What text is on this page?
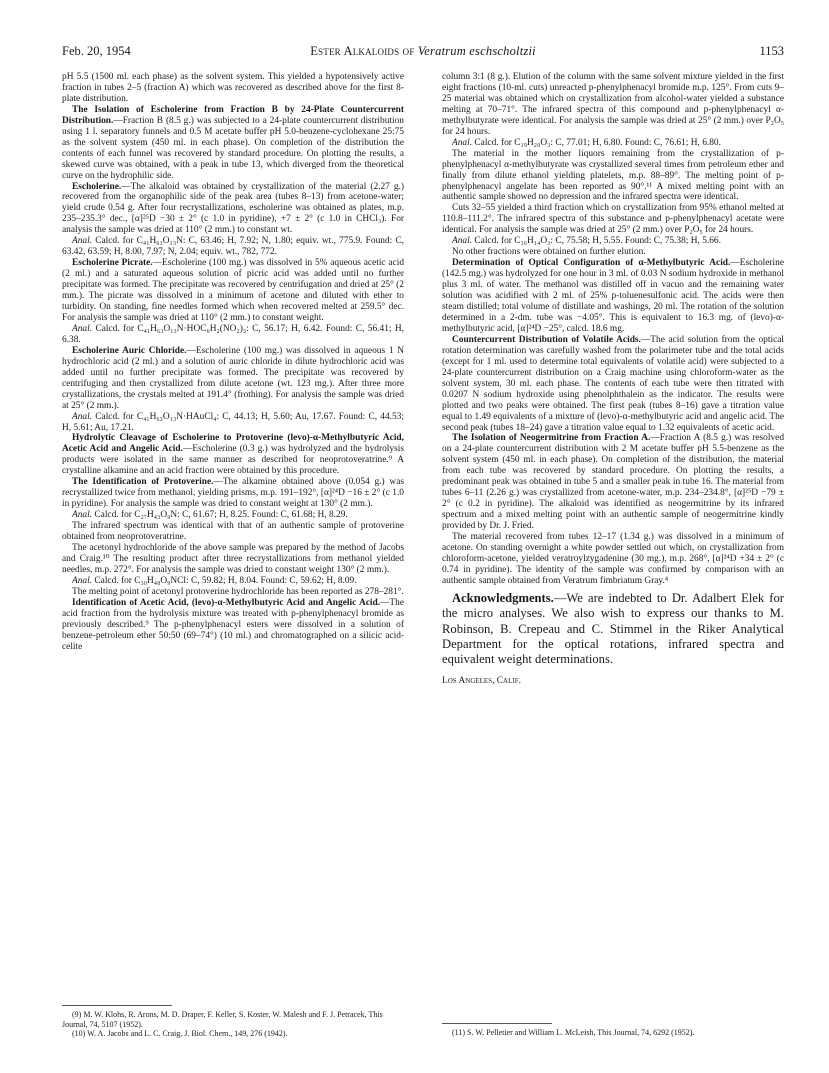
Feb. 20, 1954	Ester Alkaloids of Veratrum eschscholtzii	1153

pH 5.5 (1500 ml. each phase) as the solvent system. This yielded a hypotensively active fraction in tubes 2–5 (fraction A) which was recovered as described above for the first 8-plate distribution.

The Isolation of Escholerine from Fraction B by 24-Plate Countercurrent Distribution.—Fraction B (8.5 g.) was subjected to a 24-plate countercurrent distribution using 1 l. separatory funnels and 0.5 M acetate buffer pH 5.0-benzene-cyclohexane 25:75 as the solvent system (450 ml. in each phase). On completion of the distribution the contents of each funnel was recovered by standard procedure. On plotting the results, a skewed curve was obtained, with a peak in tube 13, which diverged from the theoretical curve on the hydrophilic side.

Escholerine.—The alkaloid was obtained by crystallization of the material (2.27 g.) recovered from the organophilic side of the peak area (tubes 8–13) from acetone-water; yield crude 0.54 g. After four recrystallizations, escholerine was obtained as plates, m.p. 235–235.3° dec., [α]²⁵D −30 ± 2° (c 1.0 in pyridine), +7 ± 2° (c 1.0 in CHCl₃). For analysis the sample was dried at 110° (2 mm.) to constant wt.

Anal. Calcd. for C₄₁H₆₃O₁₃N: C, 63.46; H, 7.92; N, 1.80; equiv. wt., 775.9. Found: C, 63.42, 63.59; H, 8.00, 7.97; N, 2.04; equiv. wt., 782, 772.

Escholerine Picrate.—Escholerine (100 mg.) was dissolved in 5% aqueous acetic acid (2 ml.) and a saturated aqueous solution of picric acid was added until no further precipitate was formed. The precipitate was recovered by centrifugation and dried at 25° (2 mm.). The picrate was dissolved in a minimum of acetone and diluted with ether to turbidity. On standing, fine needles formed which when recovered melted at 259.5° dec. For analysis the sample was dried at 110° (2 mm.) to constant weight.

Anal. Calcd. for C₄₁H₆₃O₁₃N·HOC₆H₂(NO₂)₃: C, 56.17; H, 6.42. Found: C, 56.41; H, 6.38.

Escholerine Auric Chloride.—Escholerine (100 mg.) was dissolved in aqueous 1 N hydrochloric acid (2 ml.) and a solution of auric chloride in dilute hydrochloric acid was added until no further precipitate was formed. The precipitate was recovered by centrifuging and then crystallized from dilute acetone (wt. 123 mg.). After three more crystallizations, the crystals melted at 191.4° (frothing). For analysis the sample was dried at 25° (2 mm.).

Anal. Calcd. for C₄₁H₆₃O₁₃N·HAuCl₄: C, 44.13; H, 5.60; Au, 17.67. Found: C, 44.53; H, 5.61; Au, 17.21.

Hydrolytic Cleavage of Escholerine to Protoverine (levo)-α-Methylbutyric Acid, Acetic Acid and Angelic Acid.—Escholerine (0.3 g.) was hydrolyzed and the hydrolysis products were isolated in the same manner as described for neoprotoveratrine.⁹ A crystalline alkamine and an acid fraction were obtained by this procedure.

The Identification of Protoverine.—The alkamine obtained above (0.054 g.) was recrystallized twice from methanol, yielding prisms, m.p. 191–192°, [α]²⁴D −16 ± 2° (c 1.0 in pyridine). For analysis the sample was dried to constant weight at 130° (2 mm.).

Anal. Calcd. for C₂₇H₄₃O₉N: C, 61.67; H, 8.25. Found: C, 61.68; H, 8.29.

The infrared spectrum was identical with that of an authentic sample of protoverine obtained from neoprotoveratrine.

The acetonyl hydrochloride of the above sample was prepared by the method of Jacobs and Craig.¹⁰ The resulting product after three recrystallizations from methanol yielded needles, m.p. 272°. For analysis the sample was dried to constant weight 130° (2 mm.).

Anal. Calcd. for C₃₀H₄₈O₉NCl: C, 59.82; H, 8.04. Found: C, 59.62; H, 8.09.

The melting point of acetonyl protoverine hydrochloride has been reported as 278–281°.

Identification of Acetic Acid, (levo)-α-Methylbutyric Acid and Angelic Acid.—The acid fraction from the hydrolysis mixture was treated with p-phenylphenacyl bromide as previously described.⁹ The p-phenylphenacyl esters were dissolved in a solution of benzene-petroleum ether 50:50 (69–74°) (10 ml.) and chromatographed on a silicic acid-celite

column 3:1 (8 g.). Elution of the column with the same solvent mixture yielded in the first eight fractions (10-ml. cuts) unreacted p-phenylphenacyl bromide m.p. 125°. From cuts 9–25 material was obtained which on crystallization from alcohol-water yielded a substance melting at 70–71°. The infrared spectra of this compound and p-phenylphenacyl α-methylbutyrate were identical. For analysis the sample was dried at 25° (2 mm.) over P₂O₅ for 24 hours.

Anal. Calcd. for C₁₉H₂₀O₃: C, 77.01; H, 6.80. Found: C, 76.61; H, 6.80.

The material in the mother liquors remaining from the crystallization of p-phenylphenacyl α-methylbutyrate was crystallized several times from petroleum ether and finally from dilute ethanol yielding platelets, m.p. 88–89°. The melting point of p-phenylphenacyl angelate has been reported as 90°.¹¹ A mixed melting point with an authentic sample showed no depression and the infrared spectra were identical.

Cuts 32–55 yielded a third fraction which on crystallization from 95% ethanol melted at 110.8–111.2°. The infrared spectra of this substance and p-phenylphenacyl acetate were identical. For analysis the sample was dried at 25° (2 mm.) over P₂O₅ for 24 hours.

Anal. Calcd. for C₁₆H₁₄O₃: C, 75.58; H, 5.55. Found: C, 75.38; H, 5.66.

No other fractions were obtained on further elution.

Determination of Optical Configuration of α-Methylbutyric Acid.—Escholerine (142.5 mg.) was hydrolyzed for one hour in 3 ml. of 0.03 N sodium hydroxide in methanol plus 3 ml. of water. The methanol was distilled off in vacuo and the remaining water solution was acidified with 2 ml. of 25% p-toluenesulfonic acid. The acids were then steam distilled; total volume of distillate and washings, 20 ml. The rotation of the solution determined in a 2-dm. tube was −4.05°. This is equivalent to 16.3 mg. of (levo)-α-methylbutyric acid, [α]²⁴D −25°, calcd. 18.6 mg.

Countercurrent Distribution of Volatile Acids.—The acid solution from the optical rotation determination was carefully washed from the polarimeter tube and the total acids (except for 1 ml. used to determine total equivalents of volatile acid) were subjected to a 24-plate countercurrent distribution on a Craig machine using chloroform-water as the solvent system, 30 ml. each phase. The contents of each tube were then titrated with 0.0207 N sodium hydroxide using phenolphthalein as the indicator. The results were plotted and two peaks were obtained. The first peak (tubes 8–16) gave a titration value equal to 1.49 equivalents of a mixture of (levo)-α-methylbutyric acid and angelic acid. The second peak (tubes 18–24) gave a titration value equal to 1.32 equivalents of acetic acid.

The Isolation of Neogermitrine from Fraction A.—Fraction A (8.5 g.) was resolved on a 24-plate countercurrent distribution with 2 M acetate buffer pH 5.5-benzene as the solvent system (450 ml. in each phase). On completion of the distribution, the material from each tube was recovered by standard procedure. On plotting the results, a predominant peak was obtained in tube 5 and a smaller peak in tube 16. The material from tubes 6–11 (2.26 g.) was crystallized from acetone-water, m.p. 234–234.8°, [α]²⁵D −79 ± 2° (c 0.2 in pyridine). The alkaloid was identified as neogermitrine by its infrared spectrum and a mixed melting point with an authentic sample of neogermitrine kindly provided by Dr. J. Fried.

The material recovered from tubes 12–17 (1.34 g.) was dissolved in a minimum of acetone. On standing overnight a white powder settled out which, on crystallization from chloroform-acetone, yielded veratroylzygadenine (30 mg.), m.p. 268°, [α]²⁴D +34 ± 2° (c 0.74 in pyridine). The identity of the sample was confirmed by comparison with an authentic sample obtained from Veratrum fimbriatum Gray.⁴

Acknowledgments.—We are indebted to Dr. Adalbert Elek for the micro analyses. We also wish to express our thanks to M. Robinson, B. Crepeau and C. Stimmel in the Riker Analytical Department for the optical rotations, infrared spectra and equivalent weight determinations.

Los Angeles, Calif.

(9) M. W. Klohs, R. Arons, M. D. Draper, F. Keller, S. Koster, W. Malesh and F. J. Petracek, This Journal, 74, 5107 (1952).

(10) W. A. Jacobs and L. C. Craig, J. Biol. Chem., 149, 276 (1942).	(11) S. W. Pelletier and William L. McLeish, This Journal, 74, 6292 (1952).
